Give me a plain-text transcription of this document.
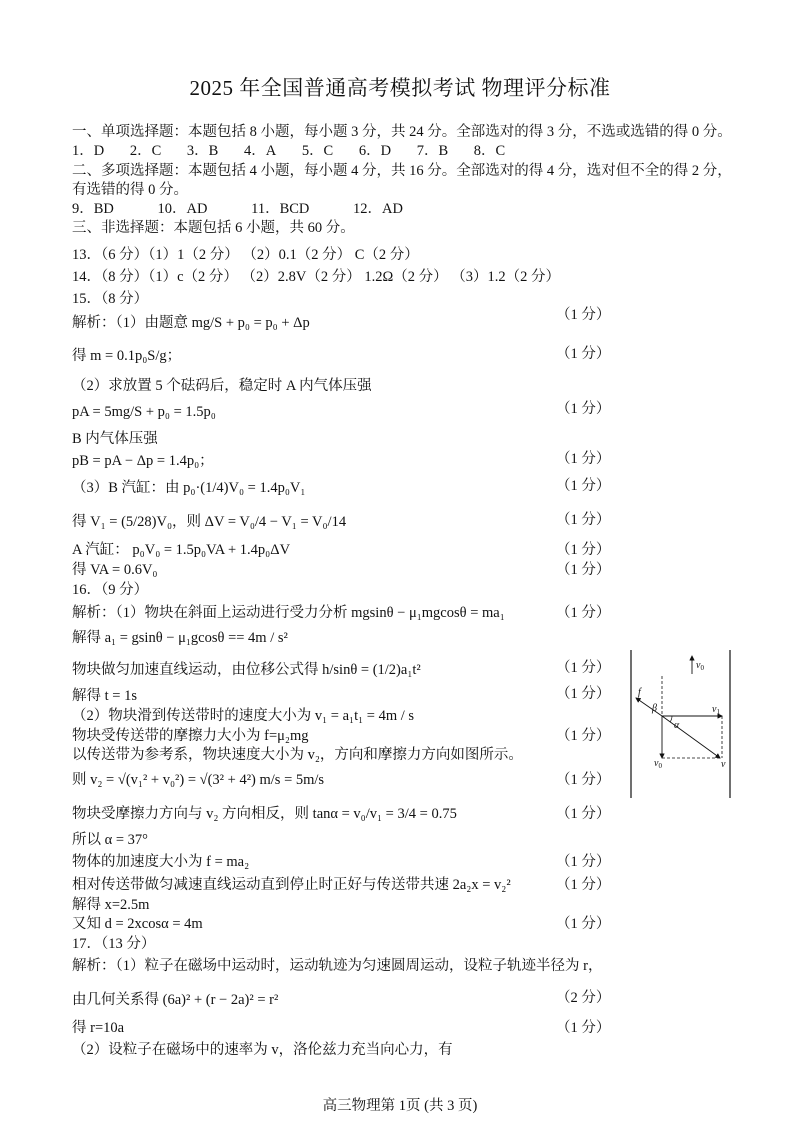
2025 年全国普通高考模拟考试 物理评分标准
一、单项选择题：本题包括 8 小题，每小题 3 分，共 24 分。全部选对的得 3 分，不选或选错的得 0 分。
1．D 2．C 3．B 4．A 5．C 6．D 7．B 8．C
二、多项选择题：本题包括 4 小题，每小题 4 分，共 16 分。全部选对的得 4 分，选对但不全的得 2 分，
有选错的得 0 分。
9．BD	10．AD	11．BCD	12．AD
三、非选择题：本题包括 6 小题，共 60 分。
13．（6 分）（1）1（2 分） （2）0.1（2 分） C（2 分）
14．（8 分）（1）c（2 分） （2）2.8V（2 分） 1.2Ω（2 分） （3）1.2（2 分）
15．（8 分）
解析：（1）由题意 mg/S + p₀ = p₀ + Δp	（1 分）
得 m = 0.1p₀S/g；	（1 分）
（2）求放置 5 个砝码后，稳定时 A 内气体压强
pA = 5mg/S + p₀ = 1.5p₀	（1 分）
B 内气体压强
pB = pA − Δp = 1.4p₀；	（1 分）
（3）B 汽缸：由 p₀·(1/4)V₀ = 1.4p₀V₁	（1 分）
得 V₁ = (5/28)V₀，则 ΔV = V₀/4 − V₁ = V₀/14	（1 分）
A 汽缸： p₀V₀ = 1.5p₀VA + 1.4p₀ΔV	（1 分）
得 VA = 0.6V₀	（1 分）
16．（9 分）
解析：（1）物块在斜面上运动进行受力分析 mgsinθ − μ₁mgcosθ = ma₁	（1 分）
解得 a₁ = gsinθ − μ₁gcosθ == 4m / s²
物块做匀加速直线运动，由位移公式得 h/sinθ = (1/2)a₁t²	（1 分）
解得 t = 1s	（1 分）
（2）物块滑到传送带时的速度大小为 v₁ = a₁t₁ = 4m / s
物块受传送带的摩擦力大小为 f=μ₂mg	（1 分）
以传送带为参考系，物块速度大小为 v₂，方向和摩擦力方向如图所示。
则 v₂ = √(v₁² + v₀²) = √(3² + 4²) m/s = 5m/s	（1 分）
物块受摩擦力方向与 v₂ 方向相反，则 tanα = v₀/v₁ = 3/4 = 0.75	（1 分）
所以 α = 37°
物体的加速度大小为 f = ma₂	（1 分）
相对传送带做匀减速直线运动直到停止时正好与传送带共速 2a₂x = v₂²	（1 分）
解得 x=2.5m
又知 d = 2xcosα = 4m	（1 分）
17．（13 分）
解析：（1）粒子在磁场中运动时，运动轨迹为匀速圆周运动，设粒子轨迹半径为 r，
由几何关系得 (6a)² + (r − 2a)² = r²	（2 分）
得 r=10a	（1 分）
（2）设粒子在磁场中的速率为 v，洛伦兹力充当向心力，有
$v_0$
f
β	$v_1$
$v_0$	v
α
高三物理第 1页 (共 3 页)
